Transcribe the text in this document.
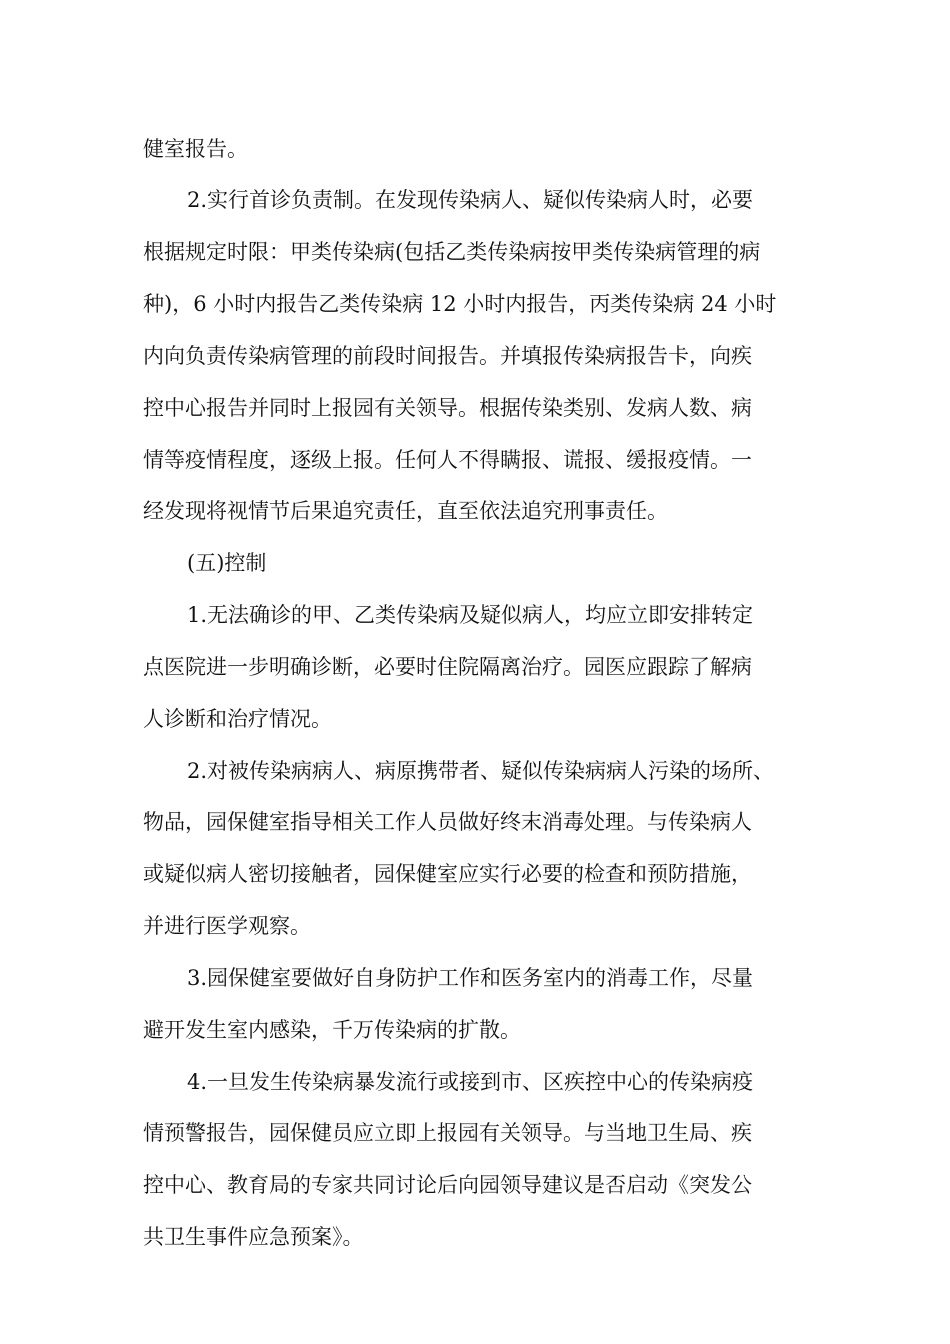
健室报告。
2.实行首诊负责制。在发现传染病人、疑似传染病人时，必要
根据规定时限：甲类传染病(包括乙类传染病按甲类传染病管理的病
种)，6 小时内报告乙类传染病 12 小时内报告，丙类传染病 24 小时
内向负责传染病管理的前段时间报告。并填报传染病报告卡，向疾
控中心报告并同时上报园有关领导。根据传染类别、发病人数、病
情等疫情程度，逐级上报。任何人不得瞒报、谎报、缓报疫情。一
经发现将视情节后果追究责任，直至依法追究刑事责任。
(五)控制
1.无法确诊的甲、乙类传染病及疑似病人，均应立即安排转定
点医院进一步明确诊断，必要时住院隔离治疗。园医应跟踪了解病
人诊断和治疗情况。
2.对被传染病病人、病原携带者、疑似传染病病人污染的场所、
物品，园保健室指导相关工作人员做好终末消毒处理。与传染病人
或疑似病人密切接触者，园保健室应实行必要的检查和预防措施，
并进行医学观察。
3.园保健室要做好自身防护工作和医务室内的消毒工作，尽量
避开发生室内感染，千万传染病的扩散。
4.一旦发生传染病暴发流行或接到市、区疾控中心的传染病疫
情预警报告，园保健员应立即上报园有关领导。与当地卫生局、疾
控中心、教育局的专家共同讨论后向园领导建议是否启动《突发公
共卫生事件应急预案》。
